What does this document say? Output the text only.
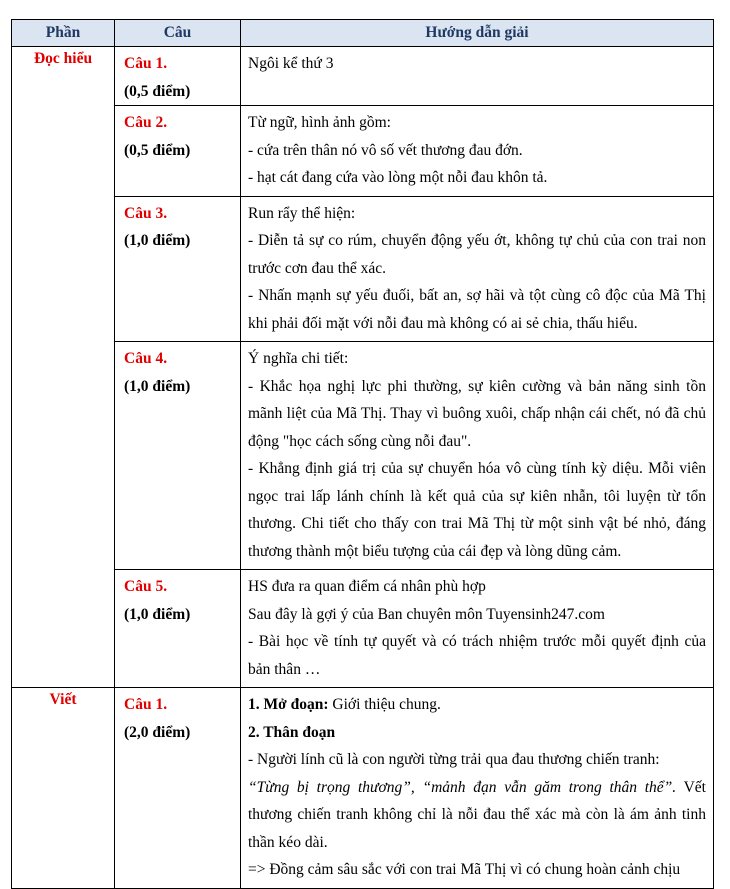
Phần	Câu	Hướng dẫn giải
Đọc hiểu	Câu 1.
(0,5 điểm)	Ngôi kể thứ 3

	Câu 2.
(0,5 điểm)	Từ ngữ, hình ảnh gồm:
- cứa trên thân nó vô số vết thương đau đớn.
- hạt cát đang cứa vào lòng một nỗi đau khôn tả.

	Câu 3.
(1,0 điểm)	Run rẩy thể hiện:
- Diễn tả sự co rúm, chuyển động yếu ớt, không tự chủ của con trai non trước cơn đau thể xác.
- Nhấn mạnh sự yếu đuối, bất an, sợ hãi và tột cùng cô độc của Mã Thị khi phải đối mặt với nỗi đau mà không có ai sẻ chia, thấu hiểu.

	Câu 4.
(1,0 điểm)	Ý nghĩa chi tiết:
- Khắc họa nghị lực phi thường, sự kiên cường và bản năng sinh tồn mãnh liệt của Mã Thị. Thay vì buông xuôi, chấp nhận cái chết, nó đã chủ động "học cách sống cùng nỗi đau".
- Khẳng định giá trị của sự chuyển hóa vô cùng tính kỳ diệu. Mỗi viên ngọc trai lấp lánh chính là kết quả của sự kiên nhẫn, tôi luyện từ tổn thương. Chi tiết cho thấy con trai Mã Thị từ một sinh vật bé nhỏ, đáng thương thành một biểu tượng của cái đẹp và lòng dũng cảm.

	Câu 5.
(1,0 điểm)	HS đưa ra quan điểm cá nhân phù hợp
Sau đây là gợi ý của Ban chuyên môn Tuyensinh247.com
- Bài học về tính tự quyết và có trách nhiệm trước mỗi quyết định của bản thân …

Viết	Câu 1.
(2,0 điểm)	1. Mở đoạn: Giới thiệu chung.
2. Thân đoạn
- Người lính cũ là con người từng trải qua đau thương chiến tranh:
“Từng bị trọng thương”, “mảnh đạn vẫn găm trong thân thể”. Vết thương chiến tranh không chỉ là nỗi đau thể xác mà còn là ám ảnh tinh thần kéo dài.
=> Đồng cảm sâu sắc với con trai Mã Thị vì có chung hoàn cảnh chịu
